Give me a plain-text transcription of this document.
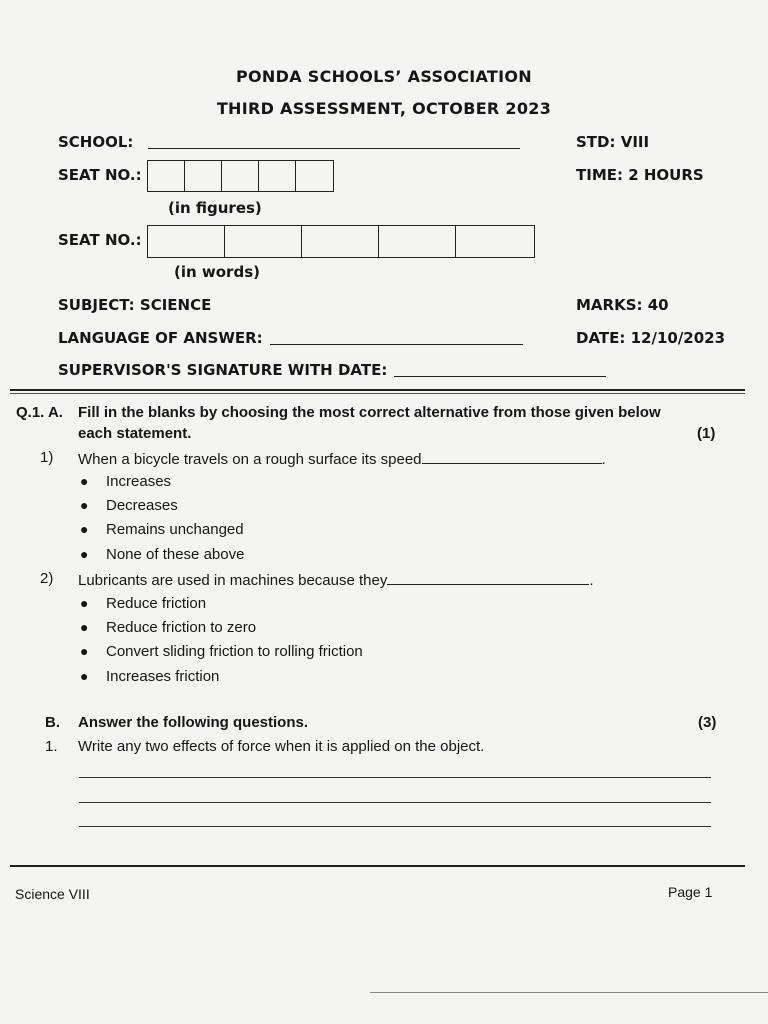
PONDA SCHOOLS’ ASSOCIATION
THIRD ASSESSMENT, OCTOBER 2023
SCHOOL:	STD: VIII
SEAT NO.:	TIME: 2 HOURS
(in figures)
SEAT NO.:
(in words)
SUBJECT: SCIENCE	MARKS: 40
LANGUAGE OF ANSWER:	DATE: 12/10/2023
SUPERVISOR'S SIGNATURE WITH DATE:
Q.1. A. Fill in the blanks by choosing the most correct alternative from those given below
each statement.	(1)
1) When a bicycle travels on a rough surface its speed	.
● Increases
● Decreases
● Remains unchanged
● None of these above
2) Lubricants are used in machines because they	.
● Reduce friction
● Reduce friction to zero
● Convert sliding friction to rolling friction
● Increases friction
B. Answer the following questions.	(3)
1. Write any two effects of force when it is applied on the object.
Science VIII	Page 1
